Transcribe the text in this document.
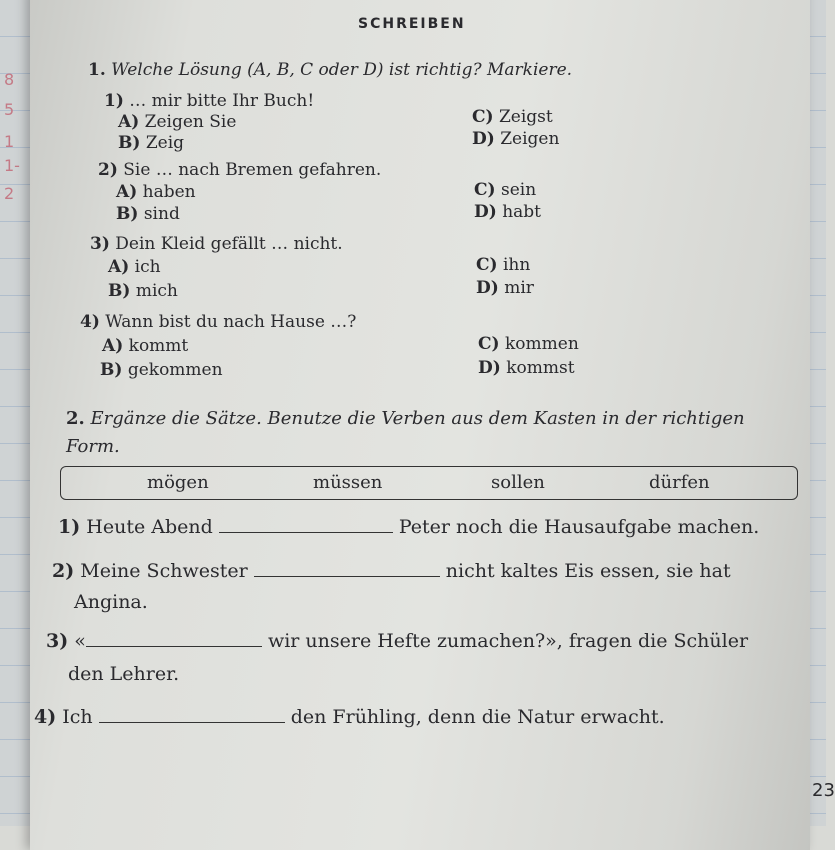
8
5
1
1-
2
SCHREIBEN
1. Welche Lösung (A, B, C oder D) ist richtig? Markiere.
1) … mir bitte Ihr Buch!
A) Zeigen Sie
B) Zeig
C) Zeigst
D) Zeigen
2) Sie … nach Bremen gefahren.
A) haben
B) sind
C) sein
D) habt
3) Dein Kleid gefällt … nicht.
A) ich
B) mich
C) ihn
D) mir
4) Wann bist du nach Hause …?
A) kommt
B) gekommen
C) kommen
D) kommst
2. Ergänze die Sätze. Benutze die Verben aus dem Kasten in der richtigen
Form.
mögen	müssen	sollen	dürfen
1) Heute Abend	Peter noch die Hausaufgabe machen.
2) Meine Schwester	nicht kaltes Eis essen, sie hat
Angina.
3) «	wir unsere Hefte zumachen?», fragen die Schüler
den Lehrer.
4) Ich	den Frühling, denn die Natur erwacht.
23
